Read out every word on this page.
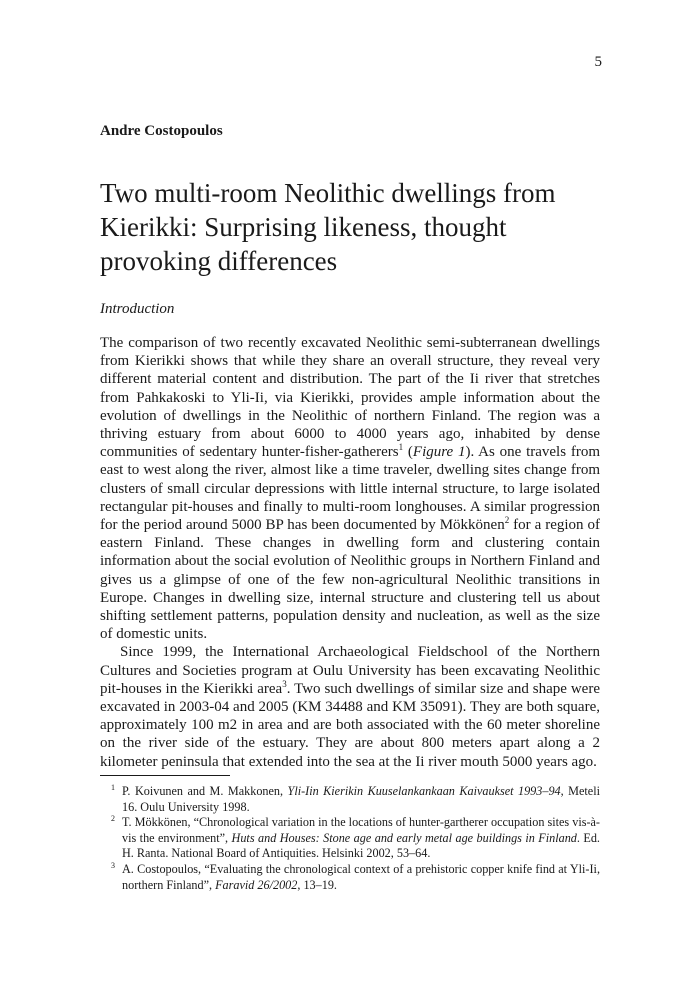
5
Andre Costopoulos
Two multi-room Neolithic dwellings from Kierikki: Surprising likeness, thought provoking differences
Introduction

The comparison of two recently excavated Neolithic semi-subterranean dwellings from Kierikki shows that while they share an overall structure, they reveal very different material content and distribution. The part of the Ii river that stretches from Pahkakoski to Yli-Ii, via Kierikki, provides ample information about the evolution of dwellings in the Neolithic of northern Finland. The region was a thriving estuary from about 6000 to 4000 years ago, inhabited by dense communities of sedentary hunter-fisher-gatherers$^1$ (Figure 1). As one travels from east to west along the river, almost like a time traveler, dwelling sites change from clusters of small circular depressions with little internal structure, to large isolated rectangular pit-houses and finally to multi-room longhouses. A similar progression for the period around 5000 BP has been documented by Mökkönen$^2$ for a region of eastern Finland. These changes in dwelling form and clustering contain information about the social evolution of Neolithic groups in Northern Finland and gives us a glimpse of one of the few non-agricultural Neolithic transitions in Europe. Changes in dwelling size, internal structure and clustering tell us about shifting settlement patterns, population density and nucleation, as well as the size of domestic units.

Since 1999, the International Archaeological Fieldschool of the Northern Cultures and Societies program at Oulu University has been excavating Neolithic pit-houses in the Kierikki area$^3$. Two such dwellings of similar size and shape were excavated in 2003-04 and 2005 (KM 34488 and KM 35091). They are both square, approximately 100 m2 in area and are both associated with the 60 meter shoreline on the river side of the estuary. They are about 800 meters apart along a 2 kilometer peninsula that extended into the sea at the Ii river mouth 5000 years ago.

1 P. Koivunen and M. Makkonen, Yli-Iin Kierikin Kuuselankankaan Kaivaukset 1993–94, Meteli 16. Oulu University 1998.

2 T. Mökkönen, “Chronological variation in the locations of hunter-gartherer occupation sites vis-à-vis the environment”, Huts and Houses: Stone age and early metal age buildings in Finland. Ed. H. Ranta. National Board of Antiquities. Helsinki 2002, 53–64.

3 A. Costopoulos, “Evaluating the chronological context of a prehistoric copper knife find at Yli-Ii, northern Finland”, Faravid 26/2002, 13–19.
